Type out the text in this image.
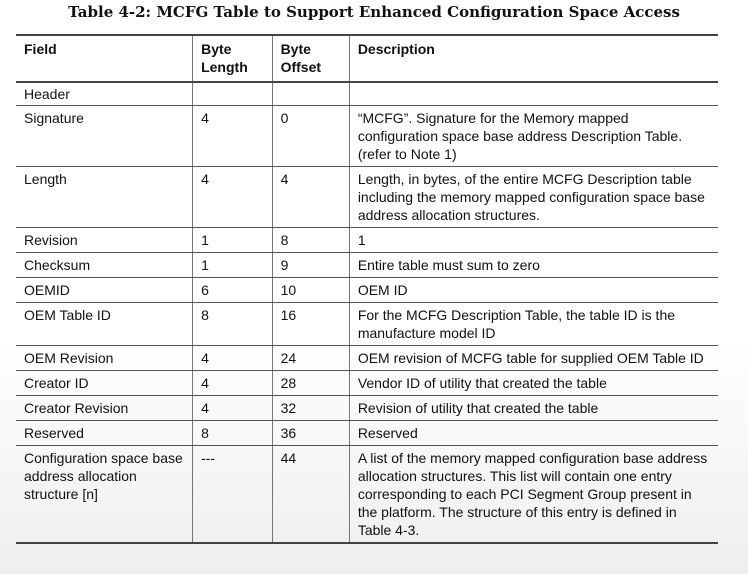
Table 4-2: MCFG Table to Support Enhanced Configuration Space Access
Field	Byte Length	Byte Offset	Description
Header			
Signature	4	0	“MCFG”. Signature for the Memory mapped configuration space base address Description Table. (refer to Note 1)
Length	4	4	Length, in bytes, of the entire MCFG Description table including the memory mapped configuration space base address allocation structures.
Revision	1	8	1
Checksum	1	9	Entire table must sum to zero
OEMID	6	10	OEM ID
OEM Table ID	8	16	For the MCFG Description Table, the table ID is the manufacture model ID
OEM Revision	4	24	OEM revision of MCFG table for supplied OEM Table ID
Creator ID	4	28	Vendor ID of utility that created the table
Creator Revision	4	32	Revision of utility that created the table
Reserved	8	36	Reserved
Configuration space base address allocation structure [n]	---	44	A list of the memory mapped configuration base address allocation structures. This list will contain one entry corresponding to each PCI Segment Group present in the platform. The structure of this entry is defined in Table 4-3.
